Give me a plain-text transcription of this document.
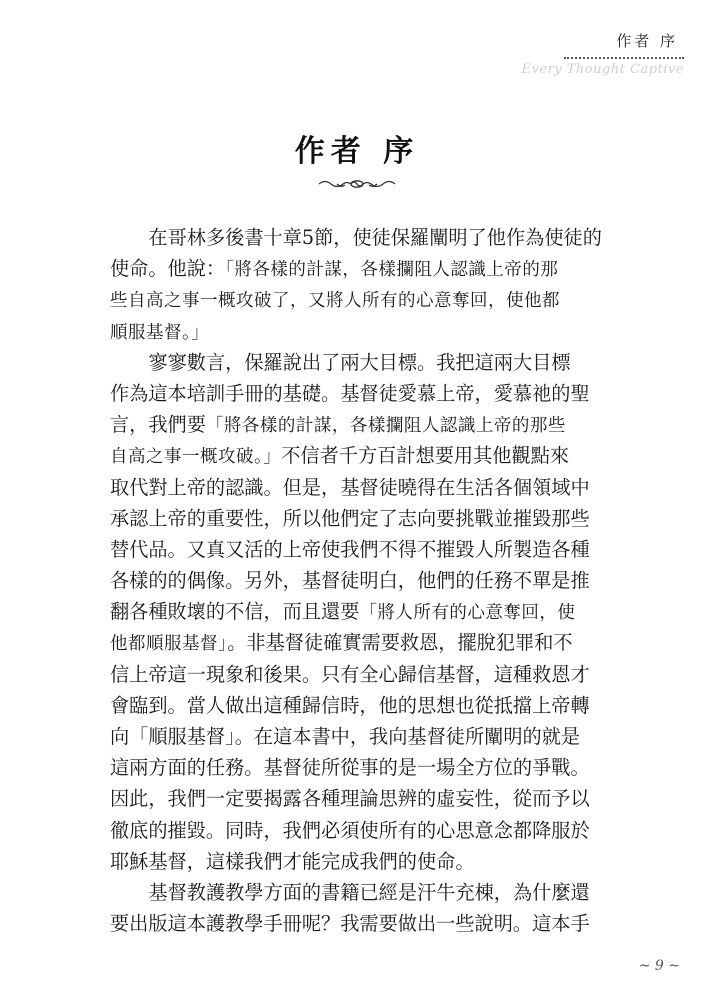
作者 序
Every Thought Captive
作者 序
在哥林多後書十章5節，使徒保羅闡明了他作為使徒的
使命。他說：「將各樣的計謀，各樣攔阻人認識上帝的那
些自高之事一概攻破了，又將人所有的心意奪回，使他都
順服基督。」
寥寥數言，保羅說出了兩大目標。我把這兩大目標
作為這本培訓手冊的基礎。基督徒愛慕上帝，愛慕祂的聖
言，我們要「將各樣的計謀，各樣攔阻人認識上帝的那些
自高之事一概攻破。」不信者千方百計想要用其他觀點來
取代對上帝的認識。但是，基督徒曉得在生活各個領域中
承認上帝的重要性，所以他們定了志向要挑戰並摧毀那些
替代品。又真又活的上帝使我們不得不摧毀人所製造各種
各樣的的偶像。另外，基督徒明白，他們的任務不單是推
翻各種敗壞的不信，而且還要「將人所有的心意奪回，使
他都順服基督」。非基督徒確實需要救恩，擺脫犯罪和不
信上帝這一現象和後果。只有全心歸信基督，這種救恩才
會臨到。當人做出這種歸信時，他的思想也從抵擋上帝轉
向「順服基督」。在這本書中，我向基督徒所闡明的就是
這兩方面的任務。基督徒所從事的是一場全方位的爭戰。
因此，我們一定要揭露各種理論思辨的虛妄性，從而予以
徹底的摧毀。同時，我們必須使所有的心思意念都降服於
耶穌基督，這樣我們才能完成我們的使命。
基督教護教學方面的書籍已經是汗牛充棟，為什麼還
要出版這本護教學手冊呢？我需要做出一些說明。這本手
~ 9 ~
